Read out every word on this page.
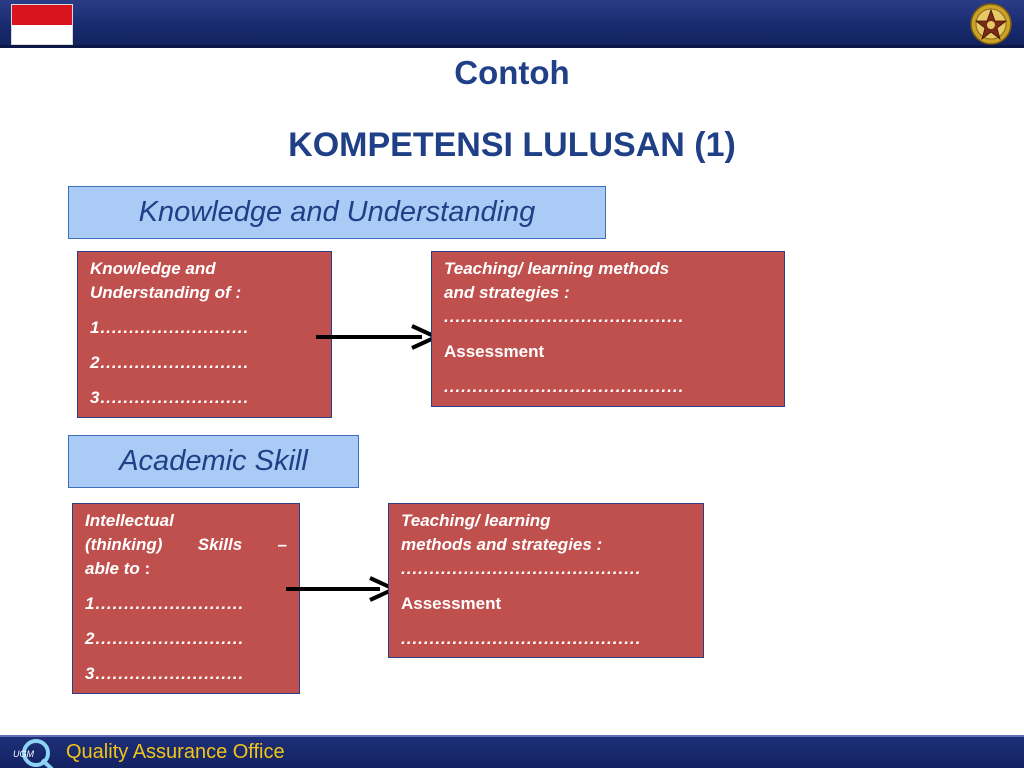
Contoh
KOMPETENSI LULUSAN (1)
Knowledge and Understanding

Knowledge and

Understanding of :

1..........................

2..........................

3..........................

Teaching/ learning methods

and strategies :

..........................................

Assessment

..........................................

Academic Skill

Intellectual

(thinking) Skills –

able to :

1..........................

2..........................

3..........................

Teaching/ learning

methods and strategies :

..........................................

Assessment

..........................................

UGM Quality Assurance Office
